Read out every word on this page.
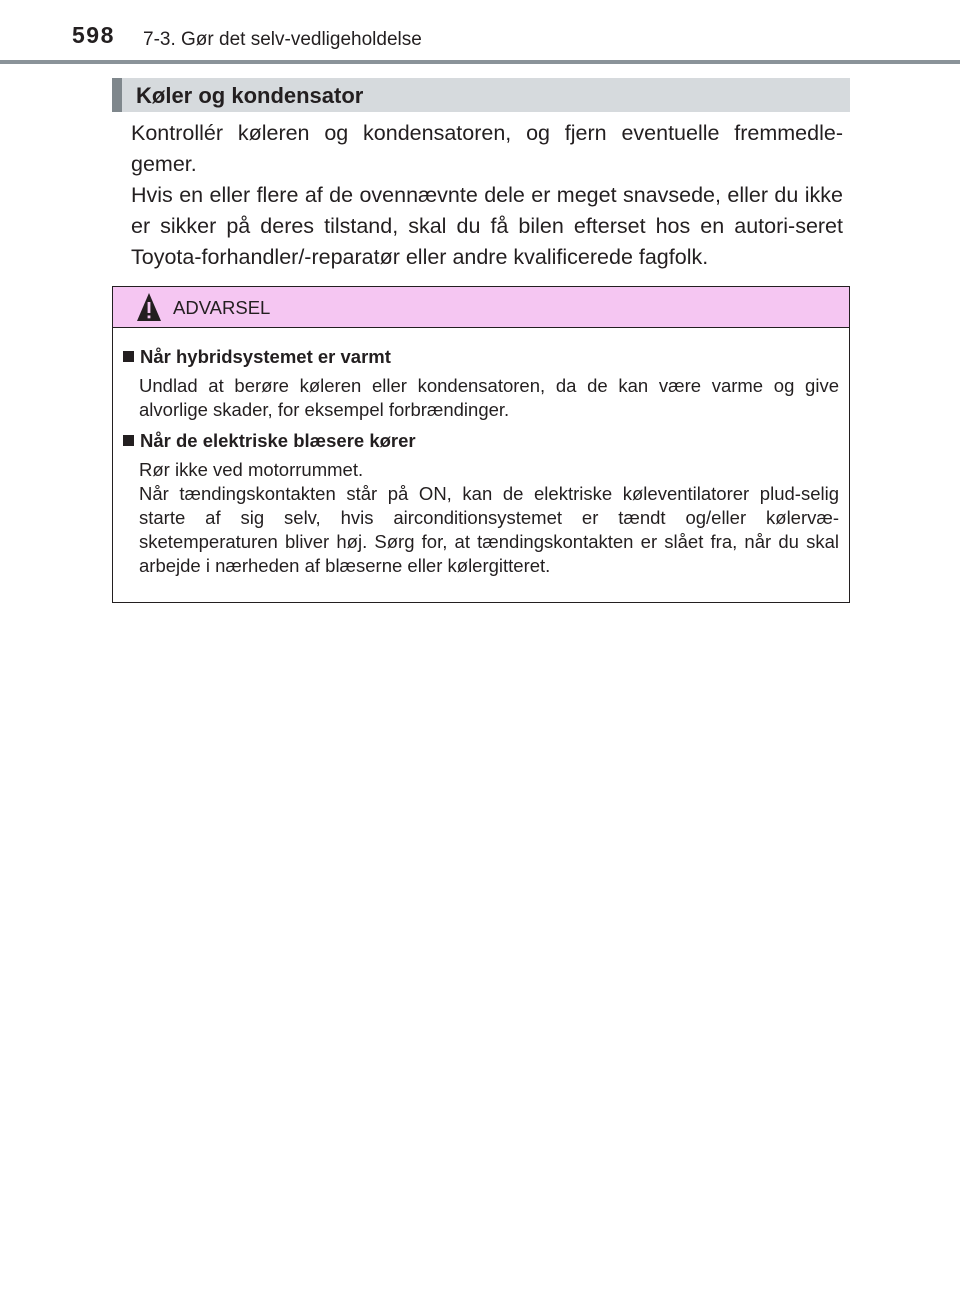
598 7-3. Gør det selv-vedligeholdelse
Køler og kondensator

Kontrollér køleren og kondensatoren, og fjern eventuelle fremmedle-gemer.

Hvis en eller flere af de ovennævnte dele er meget snavsede, eller du ikke er sikker på deres tilstand, skal du få bilen efterset hos en autori-seret Toyota-forhandler/-reparatør eller andre kvalificerede fagfolk.

ADVARSEL
Når hybridsystemet er varmt

Undlad at berøre køleren eller kondensatoren, da de kan være varme og give alvorlige skader, for eksempel forbrændinger.

Når de elektriske blæsere kører

Rør ikke ved motorrummet.

Når tændingskontakten står på ON, kan de elektriske køleventilatorer plud-selig starte af sig selv, hvis airconditionsystemet er tændt og/eller kølervæ-sketemperaturen bliver høj. Sørg for, at tændingskontakten er slået fra, når du skal arbejde i nærheden af blæserne eller kølergitteret.
